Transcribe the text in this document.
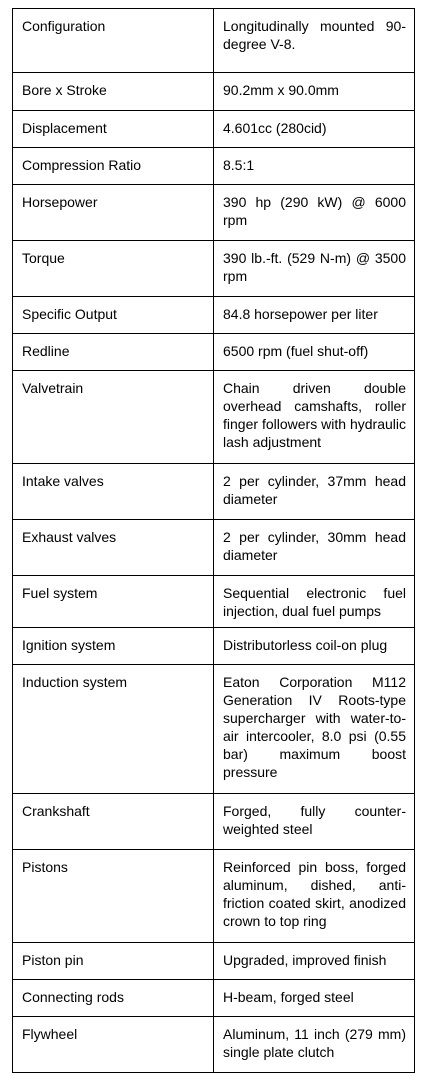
Configuration	Longitudinally mounted 90-degree V-8.
Bore x Stroke	90.2mm x 90.0mm
Displacement	4.601cc (280cid)
Compression Ratio	8.5:1
Horsepower	390 hp (290 kW) @ 6000 rpm
Torque	390 lb.-ft. (529 N-m) @ 3500 rpm
Specific Output	84.8 horsepower per liter
Redline	6500 rpm (fuel shut-off)
Valvetrain	Chain driven double overhead camshafts, roller finger followers with hydraulic lash adjustment
Intake valves	2 per cylinder, 37mm head diameter
Exhaust valves	2 per cylinder, 30mm head diameter
Fuel system	Sequential electronic fuel injection, dual fuel pumps
Ignition system	Distributorless coil-on plug
Induction system	Eaton Corporation M112 Generation IV Roots-type supercharger with water-to-air intercooler, 8.0 psi (0.55 bar) maximum boost pressure
Crankshaft	Forged, fully counter-weighted steel
Pistons	Reinforced pin boss, forged aluminum, dished, anti-friction coated skirt, anodized crown to top ring
Piston pin	Upgraded, improved finish
Connecting rods	H-beam, forged steel
Flywheel	Aluminum, 11 inch (279 mm) single plate clutch
